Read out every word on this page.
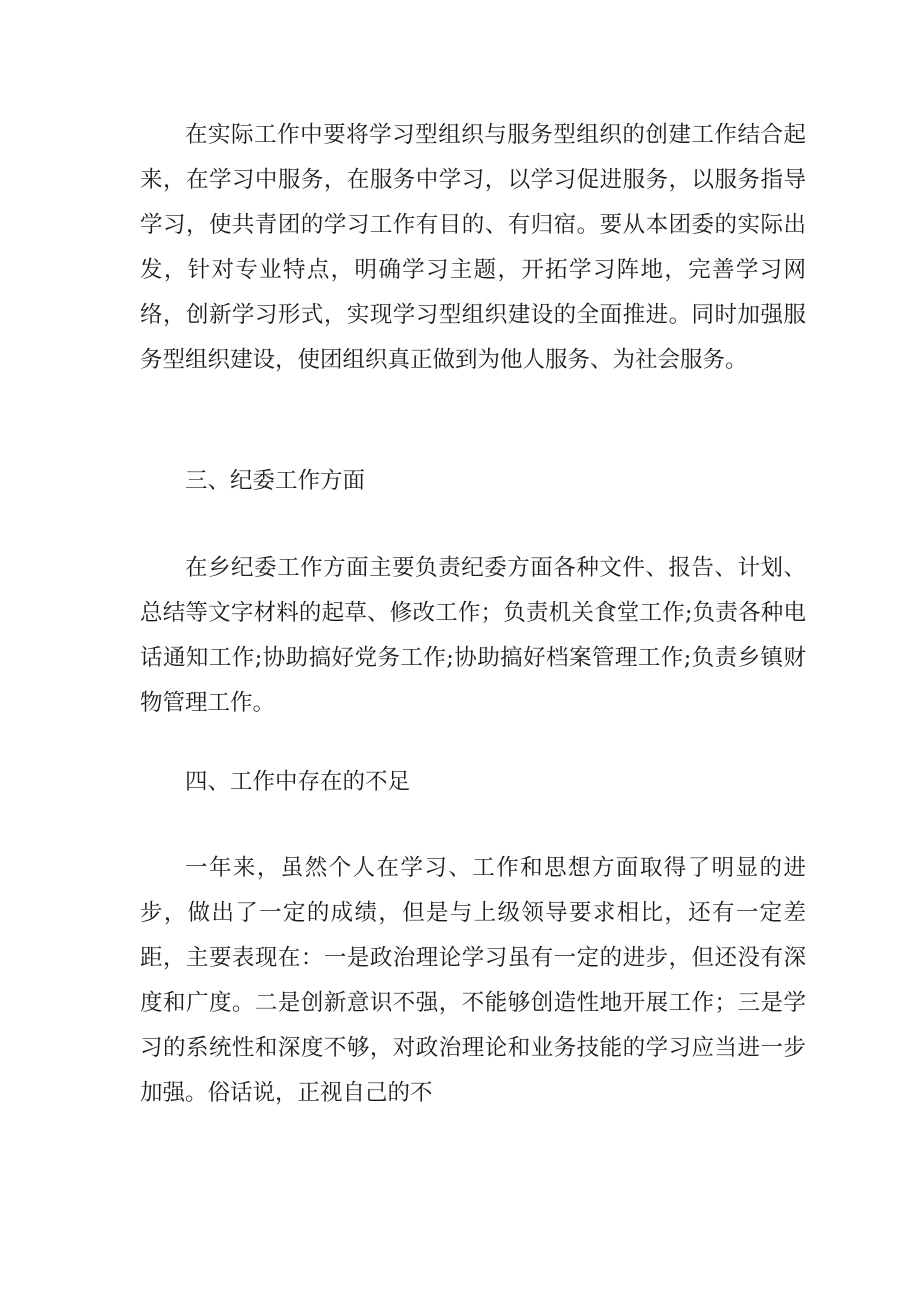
在实际工作中要将学习型组织与服务型组织的创建工作结合起来，在学习中服务，在服务中学习，以学习促进服务，以服务指导学习，使共青团的学习工作有目的、有归宿。要从本团委的实际出发，针对专业特点，明确学习主题，开拓学习阵地，完善学习网络，创新学习形式，实现学习型组织建设的全面推进。同时加强服务型组织建设，使团组织真正做到为他人服务、为社会服务。

三、纪委工作方面

在乡纪委工作方面主要负责纪委方面各种文件、报告、计划、总结等文字材料的起草、修改工作；负责机关食堂工作;负责各种电话通知工作;协助搞好党务工作;协助搞好档案管理工作;负责乡镇财物管理工作。

四、工作中存在的不足

一年来，虽然个人在学习、工作和思想方面取得了明显的进步，做出了一定的成绩，但是与上级领导要求相比，还有一定差距，主要表现在：一是政治理论学习虽有一定的进步，但还没有深度和广度。二是创新意识不强，不能够创造性地开展工作；三是学习的系统性和深度不够，对政治理论和业务技能的学习应当进一步加强。俗话说，正视自己的不
